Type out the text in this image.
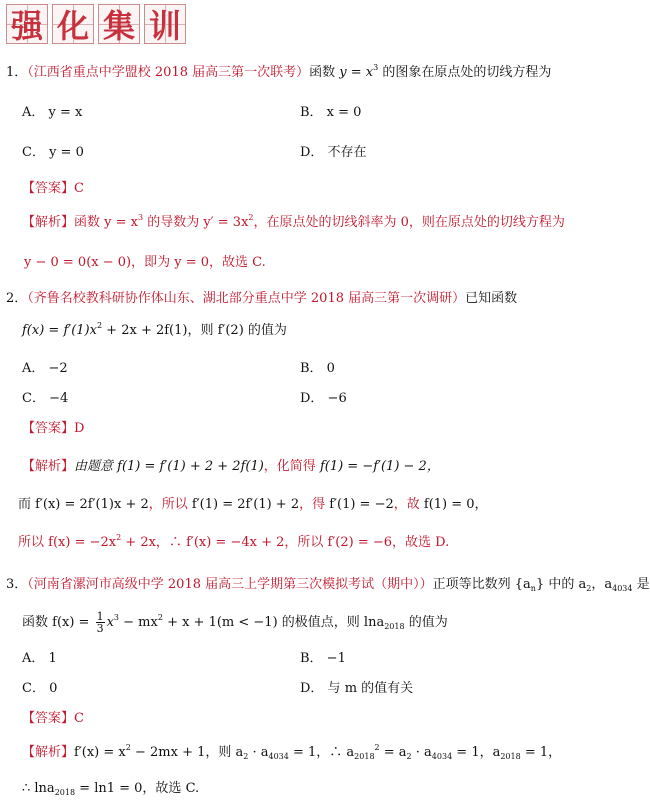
强 化 集 训
1．（江西省重点中学盟校 2018 届高三第一次联考）函数 $y = x^3$ 的图象在原点处的切线方程为
A． y = x	B． x = 0
C． y = 0	D． 不存在
【答案】C
【解析】函数 $y = x^3$ 的导数为 $y' = 3x^2$，在原点处的切线斜率为 0，则在原点处的切线方程为
y − 0 = 0(x − 0)，即为 y = 0，故选 C.
2．（齐鲁名校教科研协作体山东、湖北部分重点中学 2018 届高三第一次调研）已知函数
$f(x) = f'(1)x^2 + 2x + 2f(1)$，则 f′(2) 的值为
A． −2	B． 0
C． −4	D． −6
【答案】D
【解析】由题意 f(1) = f′(1) + 2 + 2f(1)，化简得 f(1) = −f′(1) − 2，
而 f′(x) = 2f′(1)x + 2，所以 f′(1) = 2f′(1) + 2，得 f′(1) = −2，故 f(1) = 0，
所以 $f(x) = -2x^2 + 2x$，∴ f′(x) = −4x + 2，所以 f′(2) = −6，故选 D.
3．（河南省漯河市高级中学 2018 届高三上学期第三次模拟考试（期中））正项等比数列 $\{a_n\}$ 中的 $a_2$，$a_{4034}$ 是
函数 $f(x) = \frac{1}{3} x^3 - mx^2 + x + 1(m < -1)$ 的极值点，则 lna$_{2018}$ 的值为
A． 1	B． −1
C． 0	D． 与 m 的值有关
【答案】C
【解析】$f'(x) = x^2 - 2mx + 1$，则 $a_2 \cdot a_{4034} = 1$，∴ $a_{2018}^2 = a_2 \cdot a_{4034} = 1$，$a_{2018} = 1$，
∴ lna$_{2018}$ = ln1 = 0，故选 C.
